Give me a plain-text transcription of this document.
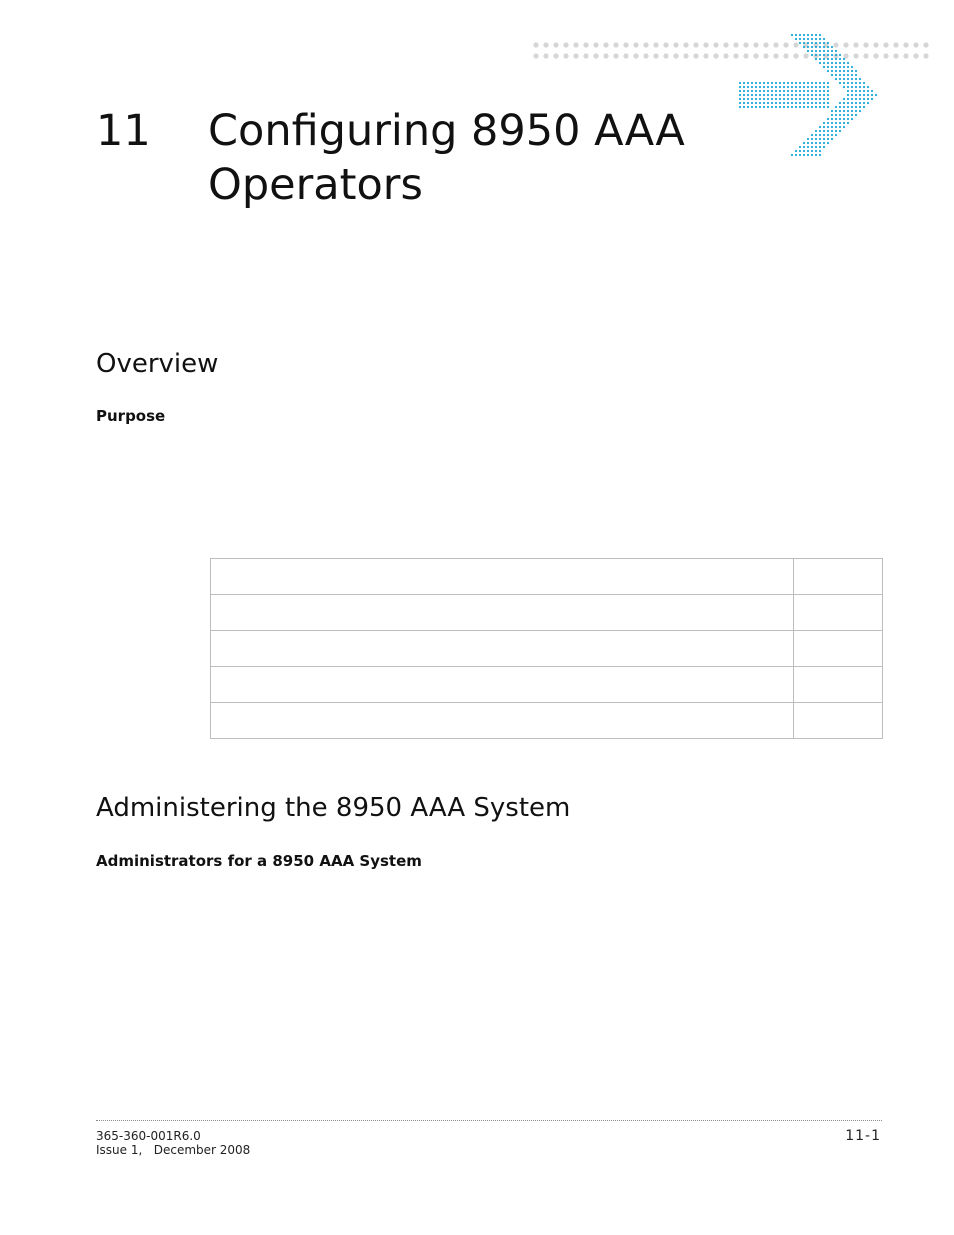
11 Configuring 8950 AAA Operators
Overview
Purpose

Administering the 8950 AAA System
Administrators for a 8950 AAA System
365-360-001R6.0
Issue 1,   December 2008
11-1
